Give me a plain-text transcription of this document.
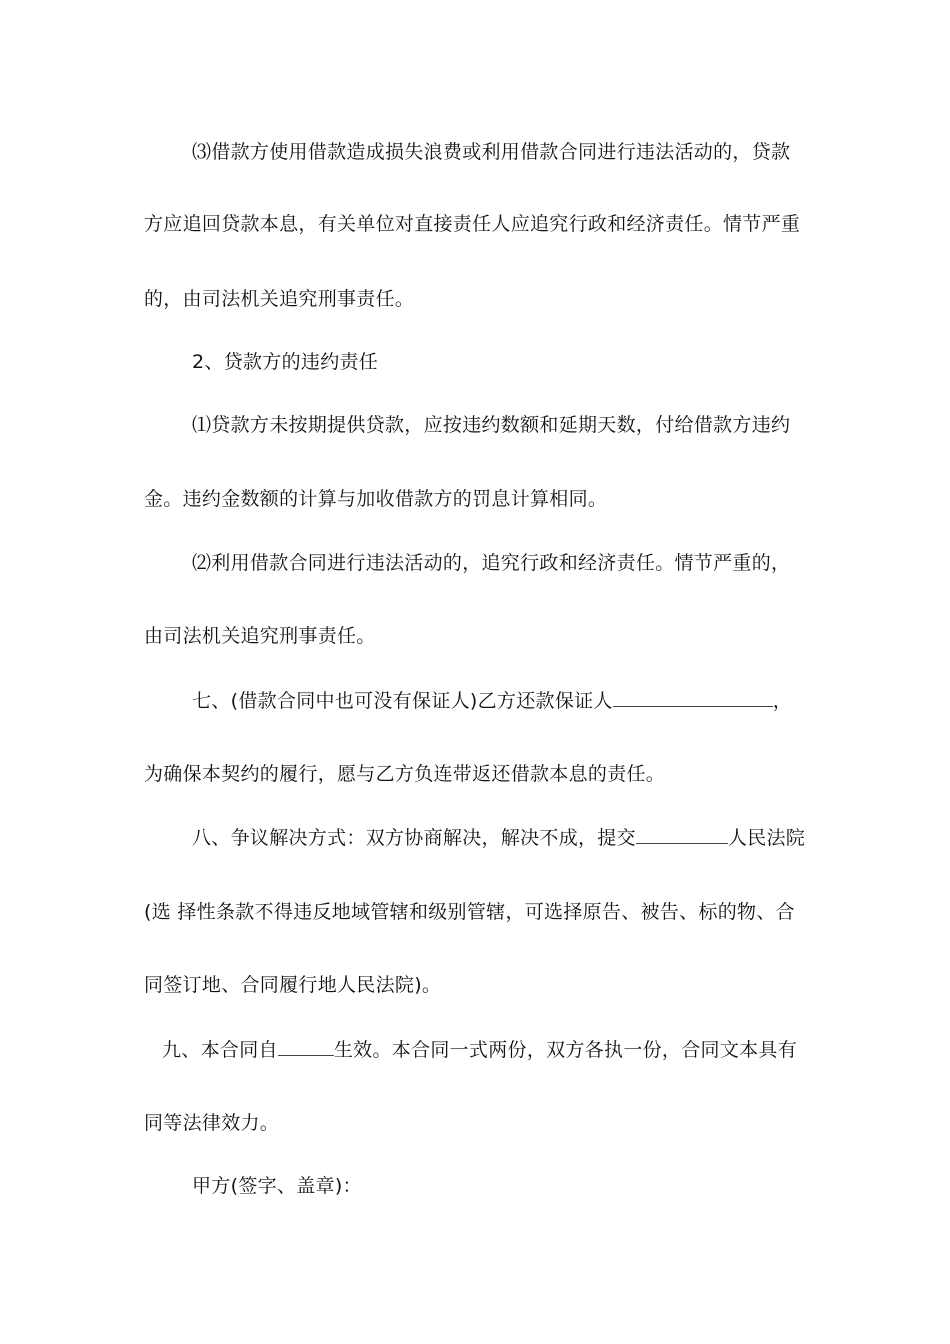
⑶借款方使用借款造成损失浪费或利用借款合同进行违法活动的，贷款
方应追回贷款本息，有关单位对直接责任人应追究行政和经济责任。情节严重
的，由司法机关追究刑事责任。
2、贷款方的违约责任
⑴贷款方未按期提供贷款，应按违约数额和延期天数，付给借款方违约
金。违约金数额的计算与加收借款方的罚息计算相同。
⑵利用借款合同进行违法活动的，追究行政和经济责任。情节严重的，
由司法机关追究刑事责任。
七、(借款合同中也可没有保证人)乙方还款保证人	，
为确保本契约的履行，愿与乙方负连带返还借款本息的责任。
八、争议解决方式：双方协商解决，解决不成，提交	人民法院
(选 择性条款不得违反地域管辖和级别管辖，可选择原告、被告、标的物、合
同签订地、合同履行地人民法院)。
九、本合同自	生效。本合同一式两份，双方各执一份，合同文本具有
同等法律效力。
甲方(签字、盖章)：
